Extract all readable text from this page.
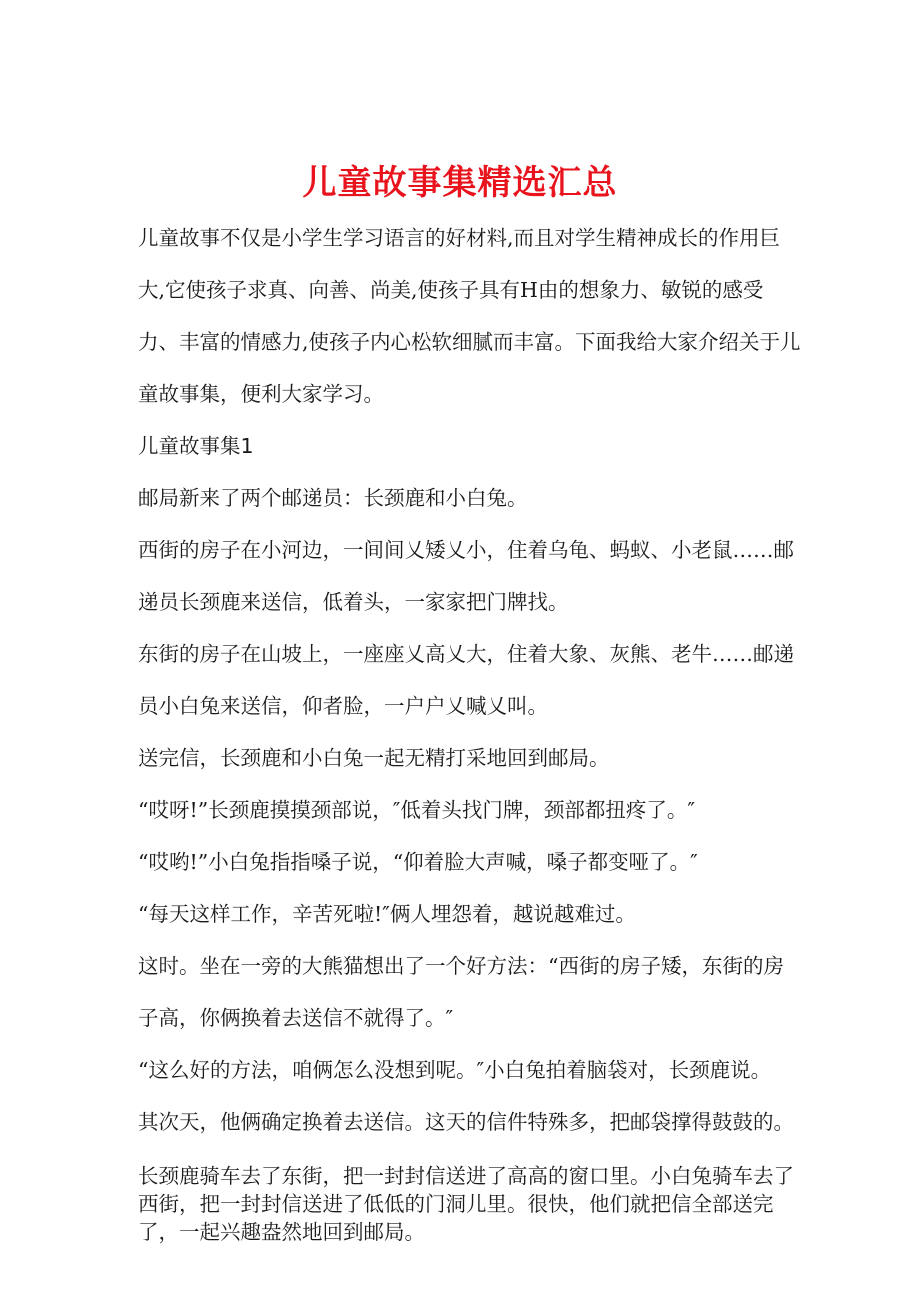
儿童故事集精选汇总

儿童故事不仅是小学生学习语言的好材料,而且对学生精神成长的作用巨大,它使孩子求真、向善、尚美,使孩子具有H由的想象力、敏锐的感受力、丰富的情感力,使孩子内心松软细腻而丰富。下面我给大家介绍关于儿童故事集，便利大家学习。

儿童故事集1

邮局新来了两个邮递员：长颈鹿和小白兔。

西街的房子在小河边，一间间乂矮乂小，住着乌龟、蚂蚁、小老鼠……邮递员长颈鹿来送信，低着头，一家家把门牌找。

东街的房子在山坡上，一座座乂高乂大，住着大象、灰熊、老牛……邮递员小白兔来送信，仰者脸，一户户乂喊乂叫。

送完信，长颈鹿和小白兔一起无精打采地回到邮局。

“哎呀!”长颈鹿摸摸颈部说，″低着头找门牌，颈部都扭疼了。″

“哎哟!”小白兔指指嗓子说，“仰着脸大声喊，嗓子都变哑了。″

“每天这样工作，辛苦死啦!″俩人埋怨着，越说越难过。

这时。坐在一旁的大熊猫想出了一个好方法：“西街的房子矮，东街的房子高，你俩换着去送信不就得了。″

“这么好的方法，咱俩怎么没想到呢。″小白兔拍着脑袋对，长颈鹿说。

其次天，他俩确定换着去送信。这天的信件特殊多，把邮袋撑得鼓鼓的。

长颈鹿骑车去了东街，把一封封信送进了高高的窗口里。小白兔骑车去了西街，把一封封信送进了低低的门洞儿里。很快，他们就把信全部送完了，一起兴趣盎然地回到邮局。
